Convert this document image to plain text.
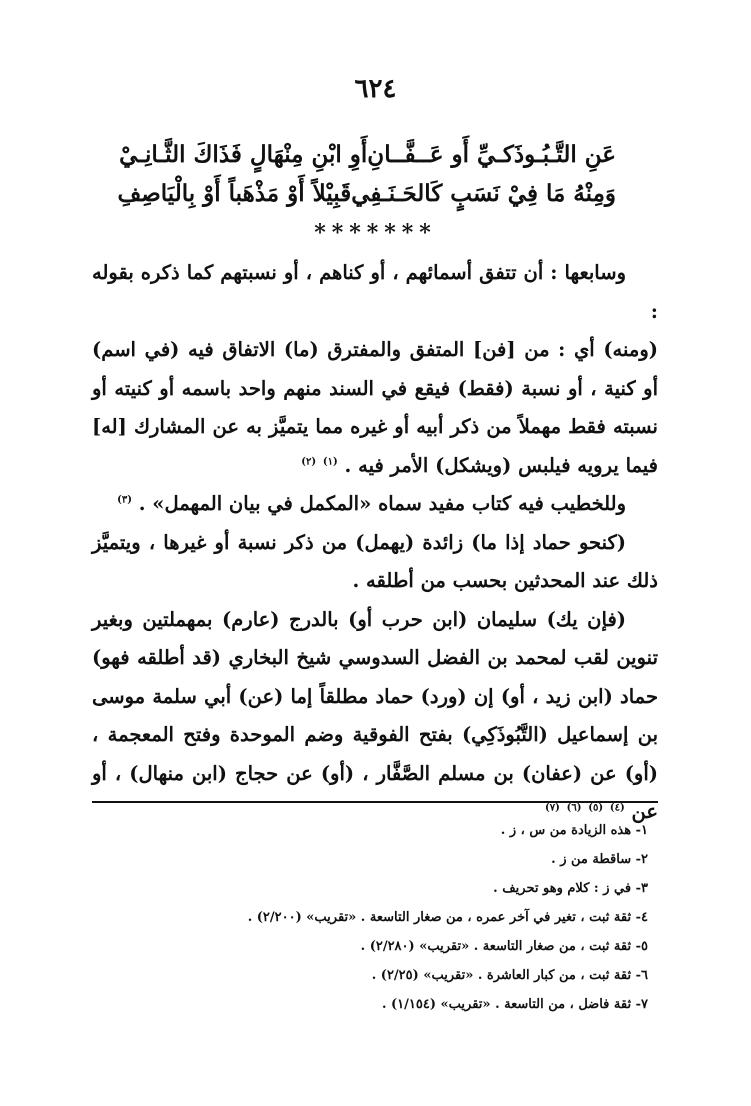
٦٢٤
عَنِ التَّـبُـوذَكـيِّ أَو عَــفَّــانِ
أَوِ ابْنِ مِنْهَالٍ فَذَاكَ الثَّـانِـيْ
وَمِنْهُ مَا فِيْ نَسَبٍ كَالحَـنَـفِي
قَبِيْلاً أَوْ مَذْهَباً أَوْ بِالْيَاصِفِ
*******

وسابعها : أن تتفق أسمائهم ، أو كناهم ، أو نسبتهم كما ذكره بقوله :

(ومنه) أي : من [فن] المتفق والمفترق (ما) الاتفاق فيه (في اسم) أو كنية ، أو نسبة (فقط) فيقع في السند منهم واحد باسمه أو كنيته أو نسبته فقط مهملاً من ذكر أبيه أو غيره مما يتميَّز به عن المشارك [له] فيما يرويه فيلبس (ويشكل) الأمر فيه . $^{(١)}$ $^{(٢)}$

وللخطيب فيه كتاب مفيد سماه «المكمل في بيان المهمل» . $^{(٣)}$

(كنحو حماد إذا ما) زائدة (يهمل) من ذكر نسبة أو غيرها ، ويتميَّز ذلك عند المحدثين بحسب من أطلقه .

(فإن يك) سليمان (ابن حرب أو) بالدرج (عارم) بمهملتين وبغير تنوين لقب لمحمد بن الفضل السدوسي شيخ البخاري (قد أطلقه فهو) حماد (ابن زيد ، أو) إن (ورد) حماد مطلقاً إما (عن) أبي سلمة موسى بن إسماعيل (التَّبُوذَكِي) بفتح الفوقية وضم الموحدة وفتح المعجمة ، (أو) عن (عفان) بن مسلم الصَّفَّار ، (أو) عن حجاج (ابن منهال) ، أو عن $^{(٤)}$ $^{(٥)}$ $^{(٦)}$ $^{(٧)}$

١- هذه الزيادة من س ، ز .
٢- ساقطة من ز .
٣- في ز : كلام وهو تحريف .
٤- ثقة ثبت ، تغير في آخر عمره ، من صغار التاسعة . «تقريب» (٢/٢٠٠) .
٥- ثقة ثبت ، من صغار التاسعة . «تقريب» (٢/٢٨٠) .
٦- ثقة ثبت ، من كبار العاشرة . «تقريب» (٢/٢٥) .
٧- ثقة فاضل ، من التاسعة . «تقريب» (١/١٥٤) .
